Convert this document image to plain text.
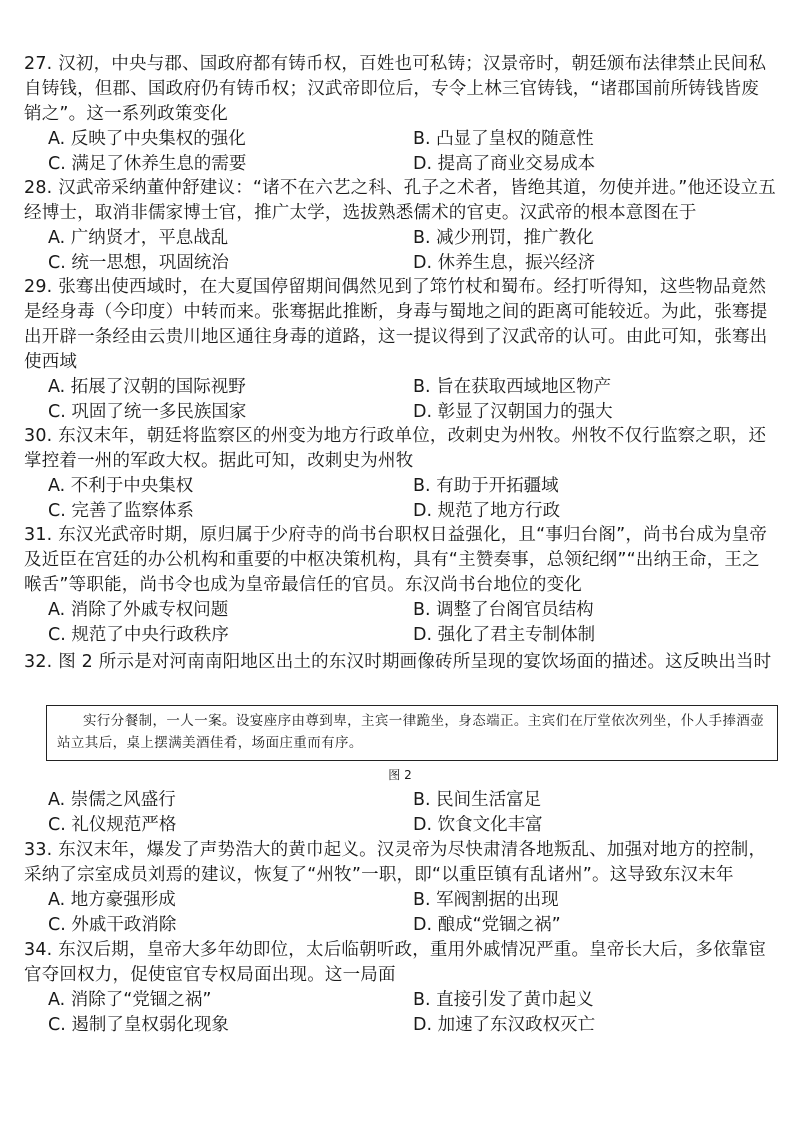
27. 汉初，中央与郡、国政府都有铸币权，百姓也可私铸；汉景帝时，朝廷颁布法律禁止民间私自铸钱，但郡、国政府仍有铸币权；汉武帝即位后，专令上林三官铸钱，“诸郡国前所铸钱皆废销之”。这一系列政策变化

A. 反映了中央集权的强化	B. 凸显了皇权的随意性
C. 满足了休养生息的需要	D. 提高了商业交易成本

28. 汉武帝采纳董仲舒建议：“诸不在六艺之科、孔子之术者，皆绝其道，勿使并进。”他还设立五经博士，取消非儒家博士官，推广太学，选拔熟悉儒术的官吏。汉武帝的根本意图在于

A. 广纳贤才，平息战乱	B. 减少刑罚，推广教化
C. 统一思想，巩固统治	D. 休养生息，振兴经济

29. 张骞出使西域时，在大夏国停留期间偶然见到了筇竹杖和蜀布。经打听得知，这些物品竟然是经身毒（今印度）中转而来。张骞据此推断，身毒与蜀地之间的距离可能较近。为此，张骞提出开辟一条经由云贵川地区通往身毒的道路，这一提议得到了汉武帝的认可。由此可知，张骞出使西域

A. 拓展了汉朝的国际视野	B. 旨在获取西域地区物产
C. 巩固了统一多民族国家	D. 彰显了汉朝国力的强大

30. 东汉末年，朝廷将监察区的州变为地方行政单位，改刺史为州牧。州牧不仅行监察之职，还掌控着一州的军政大权。据此可知，改刺史为州牧

A. 不利于中央集权	B. 有助于开拓疆域
C. 完善了监察体系	D. 规范了地方行政

31. 东汉光武帝时期，原归属于少府寺的尚书台职权日益强化，且“事归台阁”，尚书台成为皇帝及近臣在宫廷的办公机构和重要的中枢决策机构，具有“主赞奏事，总领纪纲”“出纳王命，王之喉舌”等职能，尚书令也成为皇帝最信任的官员。东汉尚书台地位的变化

A. 消除了外戚专权问题	B. 调整了台阁官员结构
C. 规范了中央行政秩序	D. 强化了君主专制体制

32. 图 2 所示是对河南南阳地区出土的东汉时期画像砖所呈现的宴饮场面的描述。这反映出当时

实行分餐制，一人一案。设宴座序由尊到卑，主宾一律跪坐，身态端正。主宾们在厅堂依次列坐，仆人手捧酒壶站立其后，桌上摆满美酒佳肴，场面庄重而有序。
图 2
A. 崇儒之风盛行	B. 民间生活富足
C. 礼仪规范严格	D. 饮食文化丰富

33. 东汉末年，爆发了声势浩大的黄巾起义。汉灵帝为尽快肃清各地叛乱、加强对地方的控制，采纳了宗室成员刘焉的建议，恢复了“州牧”一职，即“以重臣镇有乱诸州”。这导致东汉末年

A. 地方豪强形成	B. 军阀割据的出现
C. 外戚干政消除	D. 酿成“党锢之祸”

34. 东汉后期，皇帝大多年幼即位，太后临朝听政，重用外戚情况严重。皇帝长大后，多依靠宦官夺回权力，促使宦官专权局面出现。这一局面

A. 消除了“党锢之祸”	B. 直接引发了黄巾起义
C. 遏制了皇权弱化现象	D. 加速了东汉政权灭亡
